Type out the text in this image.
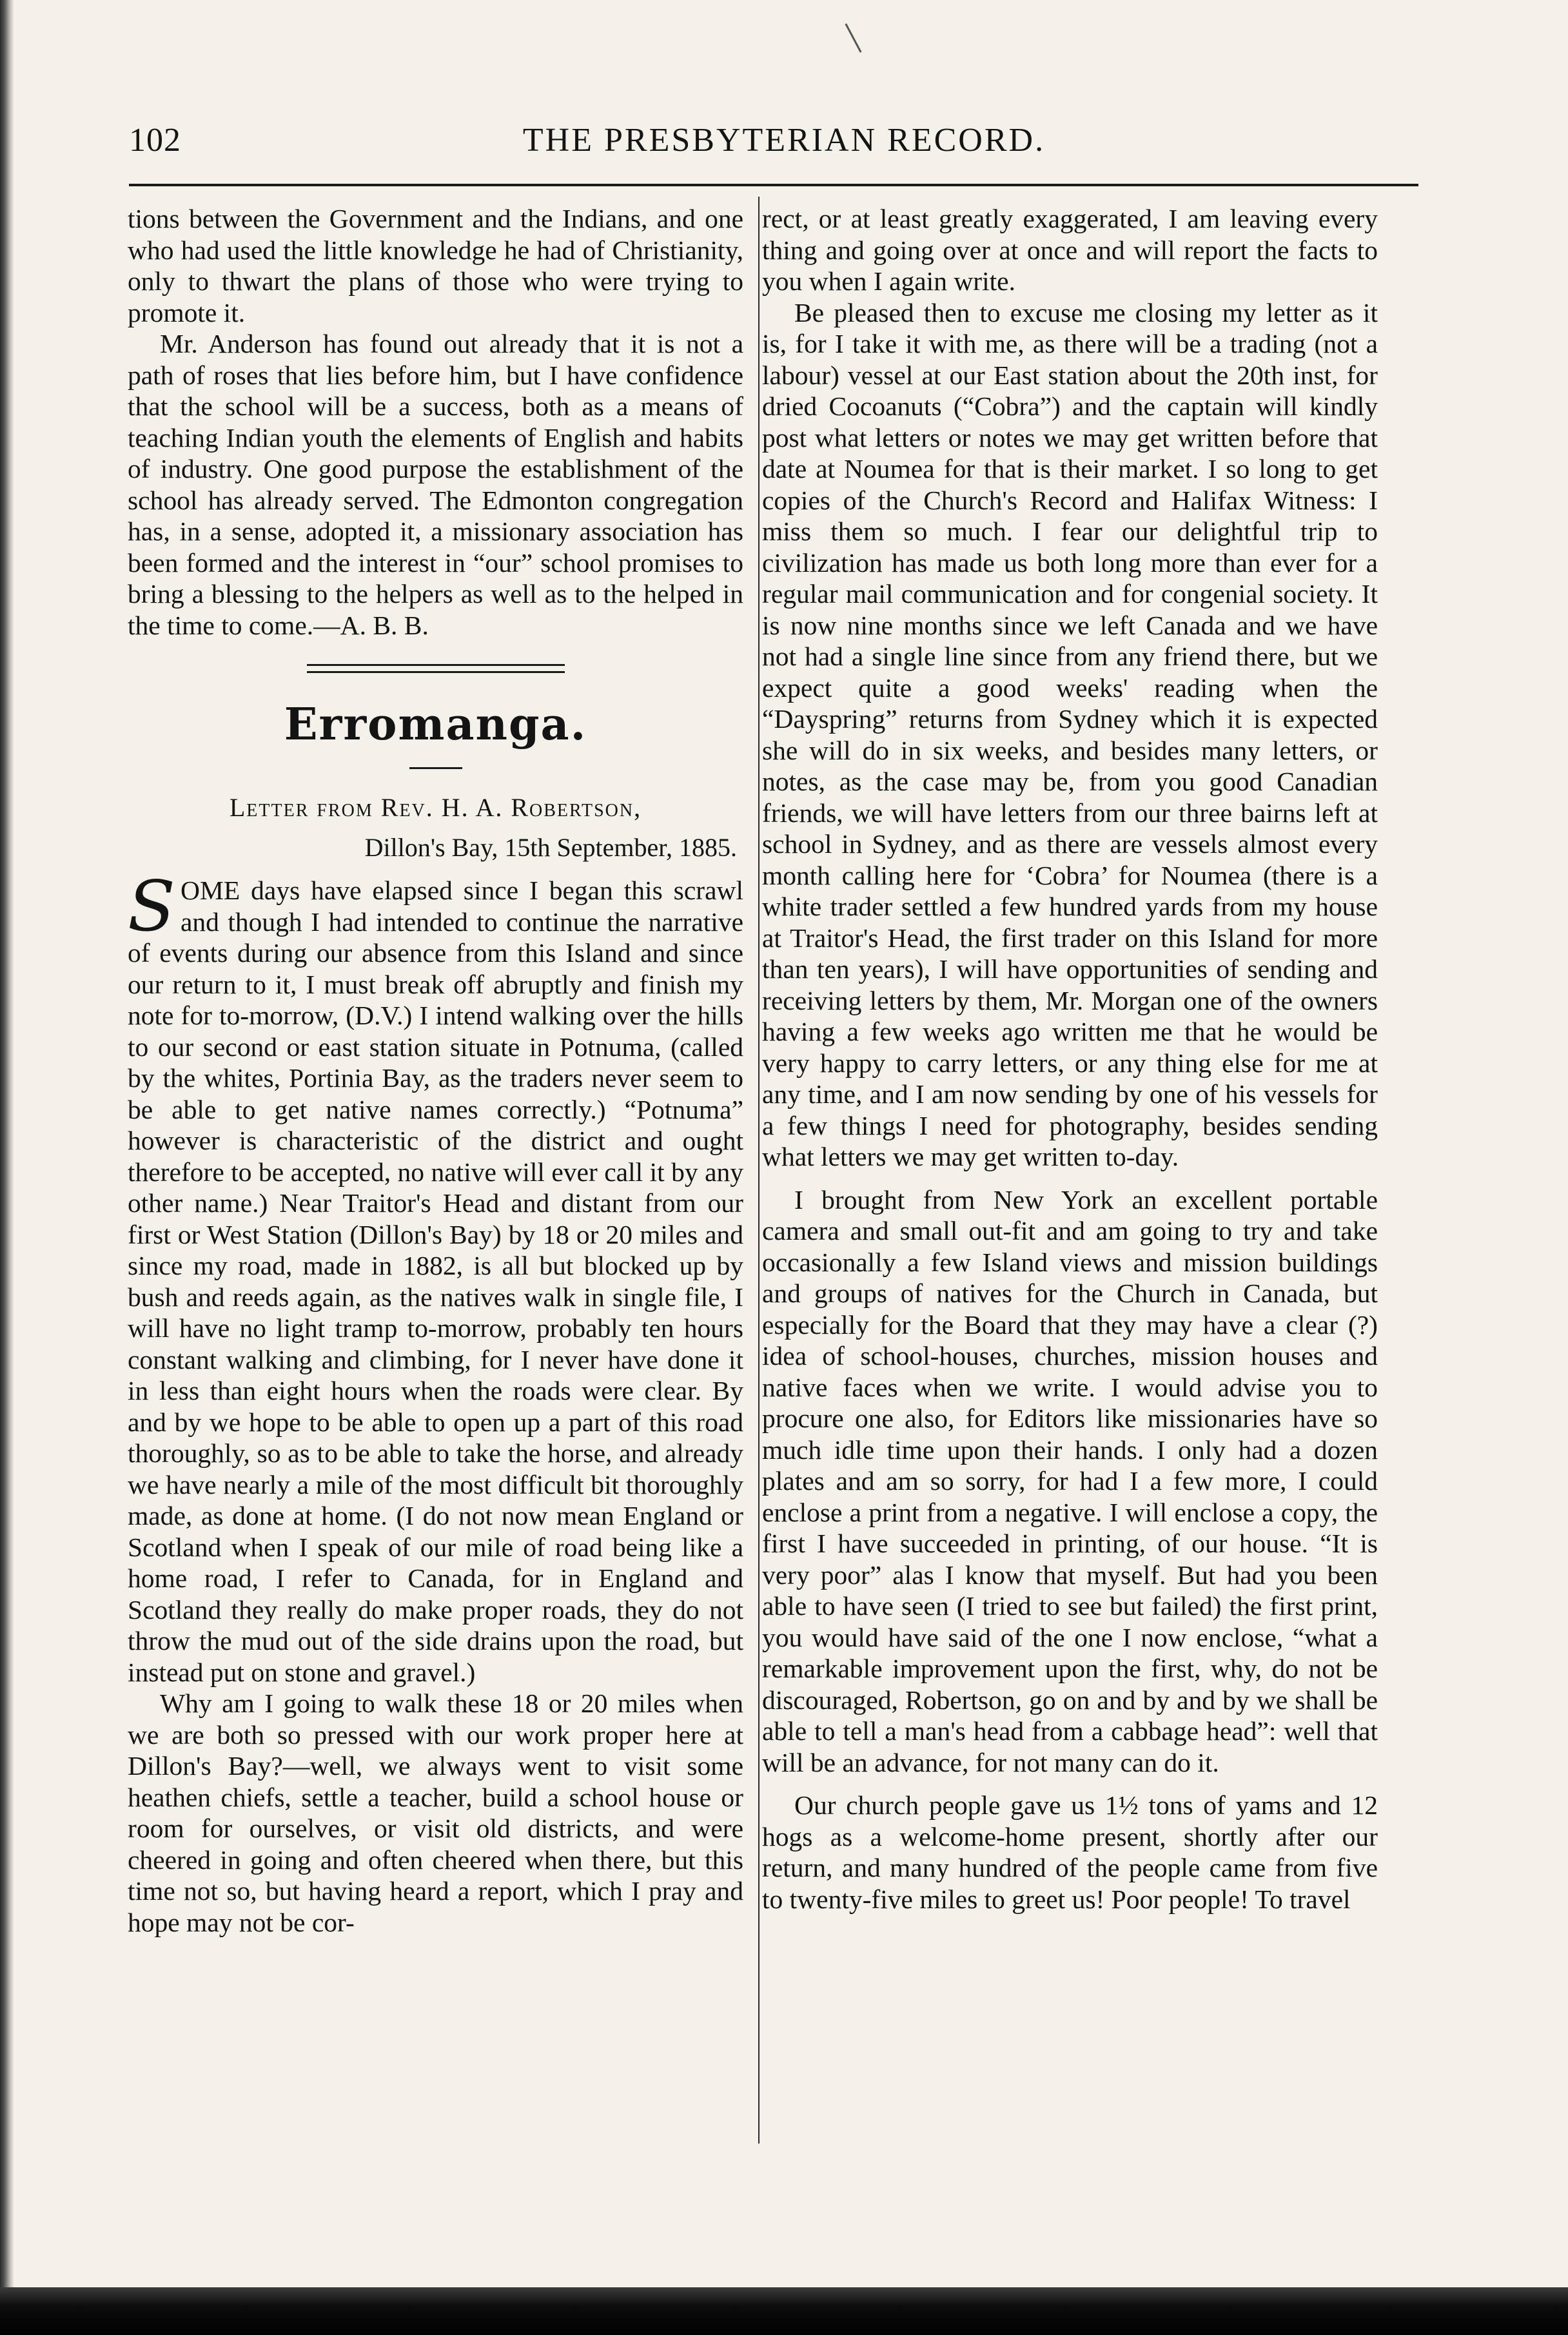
102	THE PRESBYTERIAN RECORD.

tions between the Government and the Indians, and one who had used the little knowledge he had of Christianity, only to thwart the plans of those who were trying to promote it.

Mr. Anderson has found out already that it is not a path of roses that lies before him, but I have confidence that the school will be a success, both as a means of teaching Indian youth the elements of English and habits of industry. One good purpose the establishment of the school has already served. The Edmonton congregation has, in a sense, adopted it, a missionary association has been formed and the interest in “our” school promises to bring a blessing to the helpers as well as to the helped in the time to come.—A. B. B.

Erromanga.
Letter from Rev. H. A. Robertson,
Dillon's Bay, 15th September, 1885.

SOME days have elapsed since I began this scrawl and though I had intended to continue the narrative of events during our absence from this Island and since our return to it, I must break off abruptly and finish my note for to-morrow, (D.V.) I intend walking over the hills to our second or east station situate in Potnuma, (called by the whites, Portinia Bay, as the traders never seem to be able to get native names correctly.) “Potnuma” however is characteristic of the district and ought therefore to be accepted, no native will ever call it by any other name.) Near Traitor's Head and distant from our first or West Station (Dillon's Bay) by 18 or 20 miles and since my road, made in 1882, is all but blocked up by bush and reeds again, as the natives walk in single file, I will have no light tramp to-morrow, probably ten hours constant walking and climbing, for I never have done it in less than eight hours when the roads were clear. By and by we hope to be able to open up a part of this road thoroughly, so as to be able to take the horse, and already we have nearly a mile of the most difficult bit thoroughly made, as done at home. (I do not now mean England or Scotland when I speak of our mile of road being like a home road, I refer to Canada, for in England and Scotland they really do make proper roads, they do not throw the mud out of the side drains upon the road, but instead put on stone and gravel.)

Why am I going to walk these 18 or 20 miles when we are both so pressed with our work proper here at Dillon's Bay?—well, we always went to visit some heathen chiefs, settle a teacher, build a school house or room for ourselves, or visit old districts, and were cheered in going and often cheered when there, but this time not so, but having heard a report, which I pray and hope may not be cor-

rect, or at least greatly exaggerated, I am leaving every thing and going over at once and will report the facts to you when I again write.

Be pleased then to excuse me closing my letter as it is, for I take it with me, as there will be a trading (not a labour) vessel at our East station about the 20th inst, for dried Cocoanuts (“Cobra”) and the captain will kindly post what letters or notes we may get written before that date at Noumea for that is their market. I so long to get copies of the Church's Record and Halifax Witness: I miss them so much. I fear our delightful trip to civilization has made us both long more than ever for a regular mail communication and for congenial society. It is now nine months since we left Canada and we have not had a single line since from any friend there, but we expect quite a good weeks' reading when the “Dayspring” returns from Sydney which it is expected she will do in six weeks, and besides many letters, or notes, as the case may be, from you good Canadian friends, we will have letters from our three bairns left at school in Sydney, and as there are vessels almost every month calling here for ‘Cobra’ for Noumea (there is a white trader settled a few hundred yards from my house at Traitor's Head, the first trader on this Island for more than ten years), I will have opportunities of sending and receiving letters by them, Mr. Morgan one of the owners having a few weeks ago written me that he would be very happy to carry letters, or any thing else for me at any time, and I am now sending by one of his vessels for a few things I need for photography, besides sending what letters we may get written to-day.

I brought from New York an excellent portable camera and small out-fit and am going to try and take occasionally a few Island views and mission buildings and groups of natives for the Church in Canada, but especially for the Board that they may have a clear (?) idea of school-houses, churches, mission houses and native faces when we write. I would advise you to procure one also, for Editors like missionaries have so much idle time upon their hands. I only had a dozen plates and am so sorry, for had I a few more, I could enclose a print from a negative. I will enclose a copy, the first I have succeeded in printing, of our house. “It is very poor” alas I know that myself. But had you been able to have seen (I tried to see but failed) the first print, you would have said of the one I now enclose, “what a remarkable improvement upon the first, why, do not be discouraged, Robertson, go on and by and by we shall be able to tell a man's head from a cabbage head”: well that will be an advance, for not many can do it.

Our church people gave us 1½ tons of yams and 12 hogs as a welcome-home present, shortly after our return, and many hundred of the people came from five to twenty-five miles to greet us! Poor people! To travel
